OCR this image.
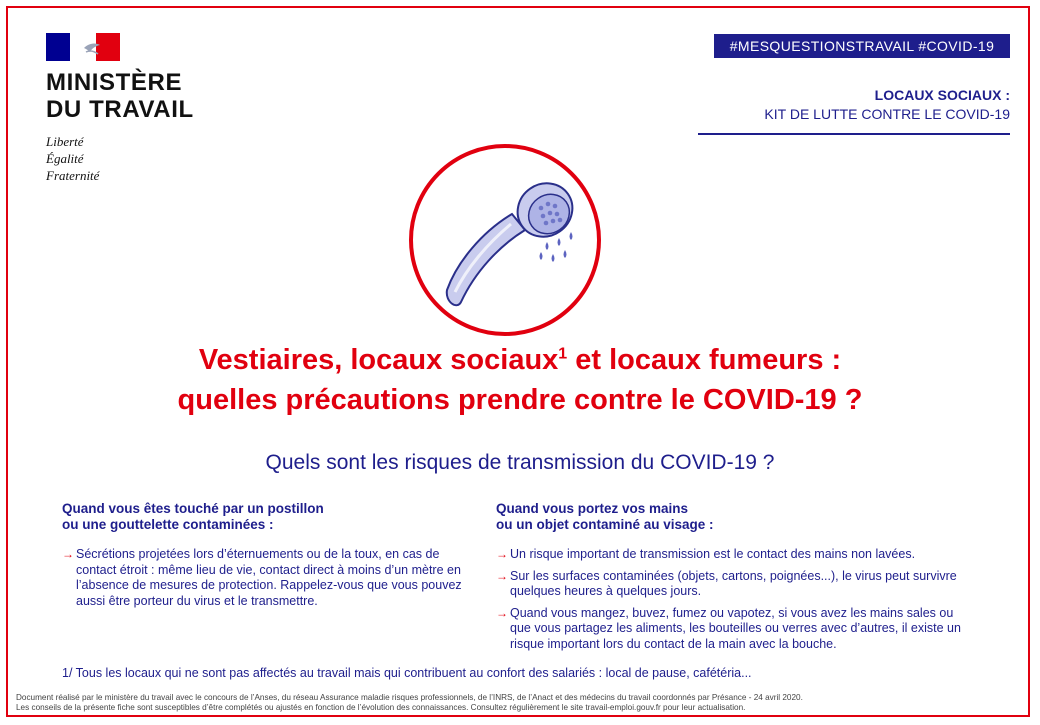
MINISTÈRE
DU TRAVAIL
Liberté
Égalité
Fraternité
#MESQUESTIONSTRAVAIL #COVID-19
LOCAUX SOCIAUX :
KIT DE LUTTE CONTRE LE COVID-19
Vestiaires, locaux sociaux$^1$ et locaux fumeurs :
quelles précautions prendre contre le COVID-19 ?
Quels sont les risques de transmission du COVID-19 ?
Quand vous êtes touché par un postillon
ou une gouttelette contaminées :
→ Sécrétions projetées lors d’éternuements ou de la toux, en cas de contact étroit : même lieu de vie, contact direct à moins d’un mètre en l’absence de mesures de protection. Rappelez-vous que vous pouvez aussi être porteur du virus et le transmettre.
Quand vous portez vos mains
ou un objet contaminé au visage :
→ Un risque important de transmission est le contact des mains non lavées.
→ Sur les surfaces contaminées (objets, cartons, poignées...), le virus peut survivre quelques heures à quelques jours.
→ Quand vous mangez, buvez, fumez ou vapotez, si vous avez les mains sales ou que vous partagez les aliments, les bouteilles ou verres avec d’autres, il existe un risque important lors du contact de la main avec la bouche.
1/ Tous les locaux qui ne sont pas affectés au travail mais qui contribuent au confort des salariés : local de pause, cafétéria...
Document réalisé par le ministère du travail avec le concours de l’Anses, du réseau Assurance maladie risques professionnels, de l’INRS, de l’Anact et des médecins du travail coordonnés par Présance - 24 avril 2020.
Les conseils de la présente fiche sont susceptibles d’être complétés ou ajustés en fonction de l’évolution des connaissances. Consultez régulièrement le site travail-emploi.gouv.fr pour leur actualisation.
